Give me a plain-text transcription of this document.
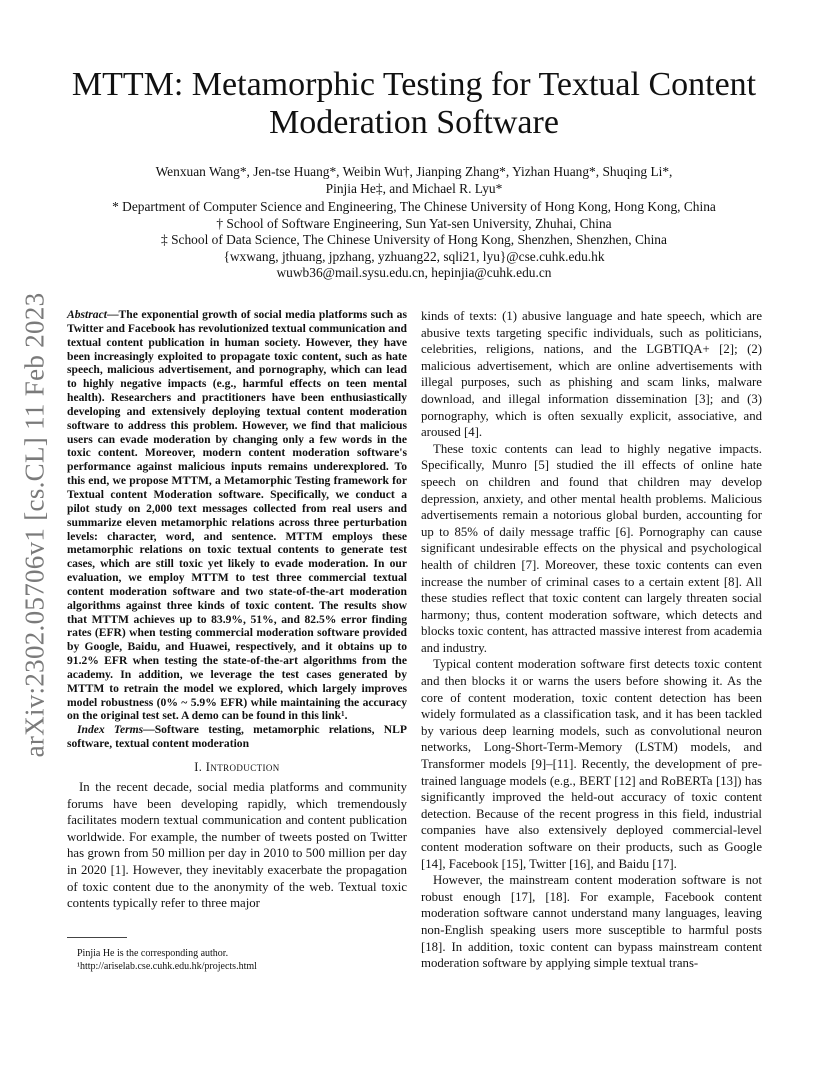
arXiv:2302.05706v1 [cs.CL] 11 Feb 2023
MTTM: Metamorphic Testing for Textual Content Moderation Software
Wenxuan Wang*, Jen-tse Huang*, Weibin Wu†, Jianping Zhang*, Yizhan Huang*, Shuqing Li*,
Pinjia He‡, and Michael R. Lyu*
* Department of Computer Science and Engineering, The Chinese University of Hong Kong, Hong Kong, China
† School of Software Engineering, Sun Yat-sen University, Zhuhai, China
‡ School of Data Science, The Chinese University of Hong Kong, Shenzhen, Shenzhen, China
{wxwang, jthuang, jpzhang, yzhuang22, sqli21, lyu}@cse.cuhk.edu.hk
wuwb36@mail.sysu.edu.cn, hepinjia@cuhk.edu.cn

Abstract—The exponential growth of social media platforms such as Twitter and Facebook has revolutionized textual communication and textual content publication in human society. However, they have been increasingly exploited to propagate toxic content, such as hate speech, malicious advertisement, and pornography, which can lead to highly negative impacts (e.g., harmful effects on teen mental health). Researchers and practitioners have been enthusiastically developing and extensively deploying textual content moderation software to address this problem. However, we find that malicious users can evade moderation by changing only a few words in the toxic content. Moreover, modern content moderation software's performance against malicious inputs remains underexplored. To this end, we propose MTTM, a Metamorphic Testing framework for Textual content Moderation software. Specifically, we conduct a pilot study on 2,000 text messages collected from real users and summarize eleven metamorphic relations across three perturbation levels: character, word, and sentence. MTTM employs these metamorphic relations on toxic textual contents to generate test cases, which are still toxic yet likely to evade moderation. In our evaluation, we employ MTTM to test three commercial textual content moderation software and two state-of-the-art moderation algorithms against three kinds of toxic content. The results show that MTTM achieves up to 83.9%, 51%, and 82.5% error finding rates (EFR) when testing commercial moderation software provided by Google, Baidu, and Huawei, respectively, and it obtains up to 91.2% EFR when testing the state-of-the-art algorithms from the academy. In addition, we leverage the test cases generated by MTTM to retrain the model we explored, which largely improves model robustness (0% ~ 5.9% EFR) while maintaining the accuracy on the original test set. A demo can be found in this link¹.

Index Terms—Software testing, metamorphic relations, NLP software, textual content moderation

I. Introduction

In the recent decade, social media platforms and community forums have been developing rapidly, which tremendously facilitates modern textual communication and content publication worldwide. For example, the number of tweets posted on Twitter has grown from 50 million per day in 2010 to 500 million per day in 2020 [1]. However, they inevitably exacerbate the propagation of toxic content due to the anonymity of the web. Textual toxic contents typically refer to three major

Pinjia He is the corresponding author.
¹http://ariselab.cse.cuhk.edu.hk/projects.html

kinds of texts: (1) abusive language and hate speech, which are abusive texts targeting specific individuals, such as politicians, celebrities, religions, nations, and the LGBTIQA+ [2]; (2) malicious advertisement, which are online advertisements with illegal purposes, such as phishing and scam links, malware download, and illegal information dissemination [3]; and (3) pornography, which is often sexually explicit, associative, and aroused [4].

These toxic contents can lead to highly negative impacts. Specifically, Munro [5] studied the ill effects of online hate speech on children and found that children may develop depression, anxiety, and other mental health problems. Malicious advertisements remain a notorious global burden, accounting for up to 85% of daily message traffic [6]. Pornography can cause significant undesirable effects on the physical and psychological health of children [7]. Moreover, these toxic contents can even increase the number of criminal cases to a certain extent [8]. All these studies reflect that toxic content can largely threaten social harmony; thus, content moderation software, which detects and blocks toxic content, has attracted massive interest from academia and industry.

Typical content moderation software first detects toxic content and then blocks it or warns the users before showing it. As the core of content moderation, toxic content detection has been widely formulated as a classification task, and it has been tackled by various deep learning models, such as convolutional neuron networks, Long-Short-Term-Memory (LSTM) models, and Transformer models [9]–[11]. Recently, the development of pre-trained language models (e.g., BERT [12] and RoBERTa [13]) has significantly improved the held-out accuracy of toxic content detection. Because of the recent progress in this field, industrial companies have also extensively deployed commercial-level content moderation software on their products, such as Google [14], Facebook [15], Twitter [16], and Baidu [17].

However, the mainstream content moderation software is not robust enough [17], [18]. For example, Facebook content moderation software cannot understand many languages, leaving non-English speaking users more susceptible to harmful posts [18]. In addition, toxic content can bypass mainstream content moderation software by applying simple textual trans-
